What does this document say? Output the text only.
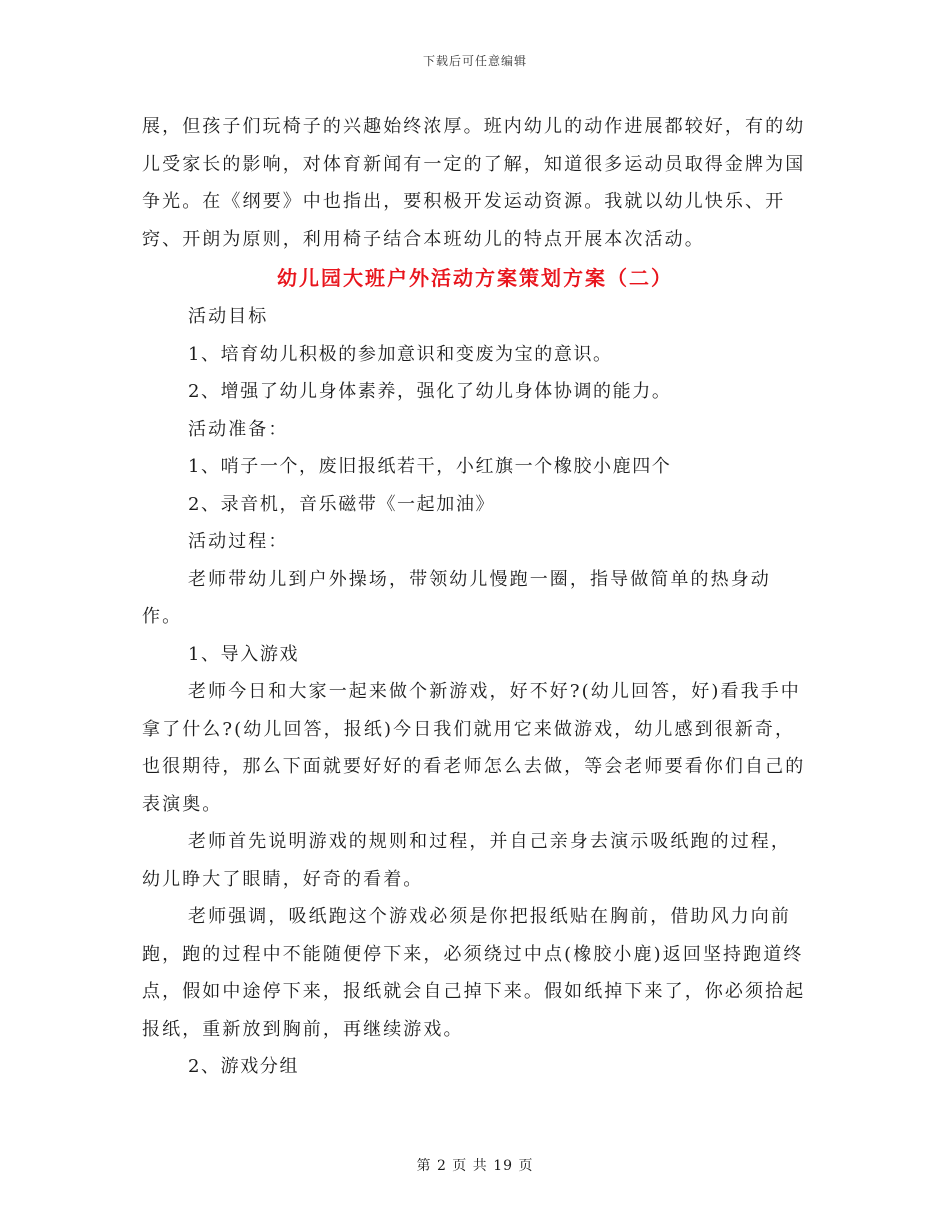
下载后可任意编辑

展，但孩子们玩椅子的兴趣始终浓厚。班内幼儿的动作进展都较好，有的幼儿受家长的影响，对体育新闻有一定的了解，知道很多运动员取得金牌为国争光。在《纲要》中也指出，要积极开发运动资源。我就以幼儿快乐、开窍、开朗为原则，利用椅子结合本班幼儿的特点开展本次活动。

幼儿园大班户外活动方案策划方案（二）

活动目标

1、培育幼儿积极的参加意识和变废为宝的意识。

2、增强了幼儿身体素养，强化了幼儿身体协调的能力。

活动准备：

1、哨子一个，废旧报纸若干，小红旗一个橡胶小鹿四个

2、录音机，音乐磁带《一起加油》

活动过程：

老师带幼儿到户外操场，带领幼儿慢跑一圈，指导做简单的热身动作。

1、导入游戏

老师今日和大家一起来做个新游戏，好不好?(幼儿回答，好)看我手中拿了什么?(幼儿回答，报纸)今日我们就用它来做游戏，幼儿感到很新奇，也很期待，那么下面就要好好的看老师怎么去做，等会老师要看你们自己的表演奥。

老师首先说明游戏的规则和过程，并自己亲身去演示吸纸跑的过程，幼儿睁大了眼睛，好奇的看着。

老师强调，吸纸跑这个游戏必须是你把报纸贴在胸前，借助风力向前跑，跑的过程中不能随便停下来，必须绕过中点(橡胶小鹿)返回坚持跑道终点，假如中途停下来，报纸就会自己掉下来。假如纸掉下来了，你必须拾起报纸，重新放到胸前，再继续游戏。

2、游戏分组

第 2 页 共 19 页
